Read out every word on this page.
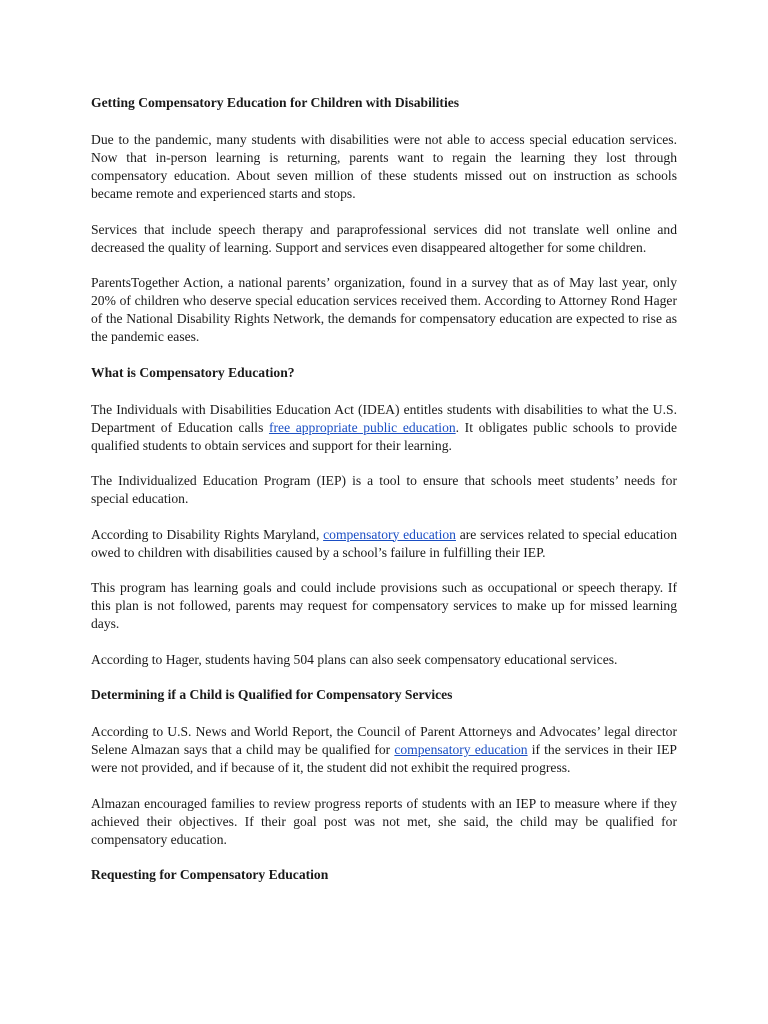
Getting Compensatory Education for Children with Disabilities

Due to the pandemic, many students with disabilities were not able to access special education services. Now that in-person learning is returning, parents want to regain the learning they lost through compensatory education. About seven million of these students missed out on instruction as schools became remote and experienced starts and stops.

Services that include speech therapy and paraprofessional services did not translate well online and decreased the quality of learning. Support and services even disappeared altogether for some children.

ParentsTogether Action, a national parents’ organization, found in a survey that as of May last year, only 20% of children who deserve special education services received them. According to Attorney Rond Hager of the National Disability Rights Network, the demands for compensatory education are expected to rise as the pandemic eases.

What is Compensatory Education?

The Individuals with Disabilities Education Act (IDEA) entitles students with disabilities to what the U.S. Department of Education calls free appropriate public education. It obligates public schools to provide qualified students to obtain services and support for their learning.

The Individualized Education Program (IEP) is a tool to ensure that schools meet students’ needs for special education.

According to Disability Rights Maryland, compensatory education are services related to special education owed to children with disabilities caused by a school’s failure in fulfilling their IEP.

This program has learning goals and could include provisions such as occupational or speech therapy. If this plan is not followed, parents may request for compensatory services to make up for missed learning days.

According to Hager, students having 504 plans can also seek compensatory educational services.

Determining if a Child is Qualified for Compensatory Services

According to U.S. News and World Report, the Council of Parent Attorneys and Advocates’ legal director Selene Almazan says that a child may be qualified for compensatory education if the services in their IEP were not provided, and if because of it, the student did not exhibit the required progress.

Almazan encouraged families to review progress reports of students with an IEP to measure where if they achieved their objectives. If their goal post was not met, she said, the child may be qualified for compensatory education.

Requesting for Compensatory Education
